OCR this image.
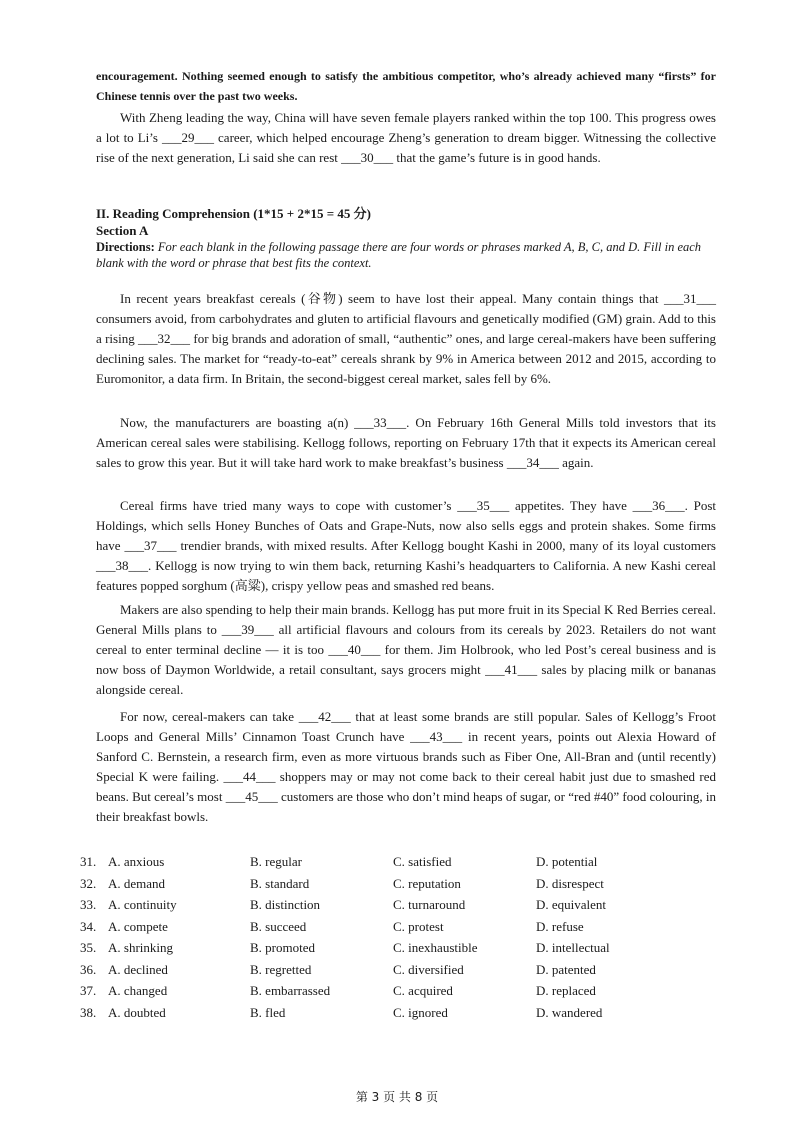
encouragement. Nothing seemed enough to satisfy the ambitious competitor, who’s already achieved many “firsts” for Chinese tennis over the past two weeks.

With Zheng leading the way, China will have seven female players ranked within the top 100. This progress owes a lot to Li’s ___29___ career, which helped encourage Zheng’s generation to dream bigger. Witnessing the collective rise of the next generation, Li said she can rest ___30___ that the game’s future is in good hands.

II. Reading Comprehension (1*15 + 2*15 = 45 分)

Section A

Directions: For each blank in the following passage there are four words or phrases marked A, B, C, and D. Fill in each blank with the word or phrase that best fits the context.

In recent years breakfast cereals (谷物) seem to have lost their appeal. Many contain things that ___31___ consumers avoid, from carbohydrates and gluten to artificial flavours and genetically modified (GM) grain. Add to this a rising ___32___ for big brands and adoration of small, “authentic” ones, and large cereal-makers have been suffering declining sales. The market for “ready-to-eat” cereals shrank by 9% in America between 2012 and 2015, according to Euromonitor, a data firm. In Britain, the second-biggest cereal market, sales fell by 6%.

Now, the manufacturers are boasting a(n) ___33___. On February 16th General Mills told investors that its American cereal sales were stabilising. Kellogg follows, reporting on February 17th that it expects its American cereal sales to grow this year. But it will take hard work to make breakfast’s business ___34___ again.

Cereal firms have tried many ways to cope with customer’s ___35___ appetites. They have ___36___. Post Holdings, which sells Honey Bunches of Oats and Grape-Nuts, now also sells eggs and protein shakes. Some firms have ___37___ trendier brands, with mixed results. After Kellogg bought Kashi in 2000, many of its loyal customers ___38___. Kellogg is now trying to win them back, returning Kashi’s headquarters to California. A new Kashi cereal features popped sorghum (高粱), crispy yellow peas and smashed red beans.

Makers are also spending to help their main brands. Kellogg has put more fruit in its Special K Red Berries cereal. General Mills plans to ___39___ all artificial flavours and colours from its cereals by 2023. Retailers do not want cereal to enter terminal decline — it is too ___40___ for them. Jim Holbrook, who led Post’s cereal business and is now boss of Daymon Worldwide, a retail consultant, says grocers might ___41___ sales by placing milk or bananas alongside cereal.

For now, cereal-makers can take ___42___ that at least some brands are still popular. Sales of Kellogg’s Froot Loops and General Mills’ Cinnamon Toast Crunch have ___43___ in recent years, points out Alexia Howard of Sanford C. Bernstein, a research firm, even as more virtuous brands such as Fiber One, All-Bran and (until recently) Special K were failing. ___44___ shoppers may or may not come back to their cereal habit just due to smashed red beans. But cereal’s most ___45___ customers are those who don’t mind heaps of sugar, or “red #40” food colouring, in their breakfast bowls.

31. A. anxious	B. regular	C. satisfied	D. potential
32. A. demand	B. standard	C. reputation	D. disrespect
33. A. continuity	B. distinction	C. turnaround	D. equivalent
34. A. compete	B. succeed	C. protest	D. refuse
35. A. shrinking	B. promoted	C. inexhaustible	D. intellectual
36. A. declined	B. regretted	C. diversified	D. patented
37. A. changed	B. embarrassed	C. acquired	D. replaced
38. A. doubted	B. fled	C. ignored	D. wandered
第 3 页 共 8 页
